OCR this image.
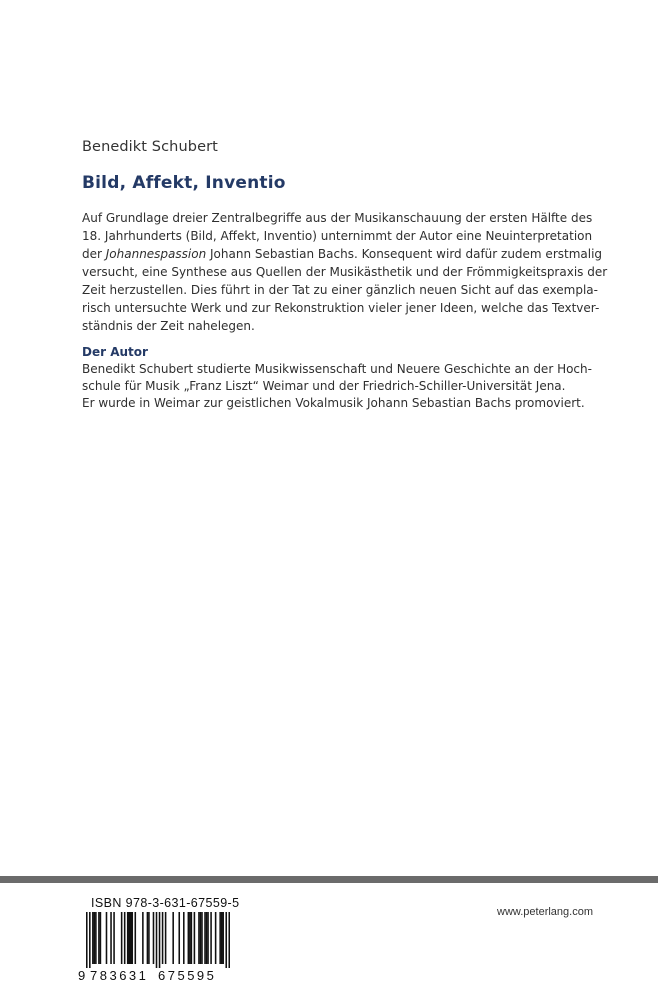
Benedikt Schubert
Bild, Affekt, Inventio
Auf Grundlage dreier Zentralbegriffe aus der Musikanschauung der ersten Hälfte des
18. Jahrhunderts (Bild, Affekt, Inventio) unternimmt der Autor eine Neuinterpretation
der Johannespassion Johann Sebastian Bachs. Konsequent wird dafür zudem erstmalig
versucht, eine Synthese aus Quellen der Musikästhetik und der Frömmigkeitspraxis der
Zeit herzustellen. Dies führt in der Tat zu einer gänzlich neuen Sicht auf das exempla-
risch untersuchte Werk und zur Rekonstruktion vieler jener Ideen, welche das Textver-
ständnis der Zeit nahelegen.
Der Autor
Benedikt Schubert studierte Musikwissenschaft und Neuere Geschichte an der Hoch-
schule für Musik „Franz Liszt“ Weimar und der Friedrich-Schiller-Universität Jena.
Er wurde in Weimar zur geistlichen Vokalmusik Johann Sebastian Bachs promoviert.
ISBN 978-3-631-67559-5
9 783631 675595
www.peterlang.com
